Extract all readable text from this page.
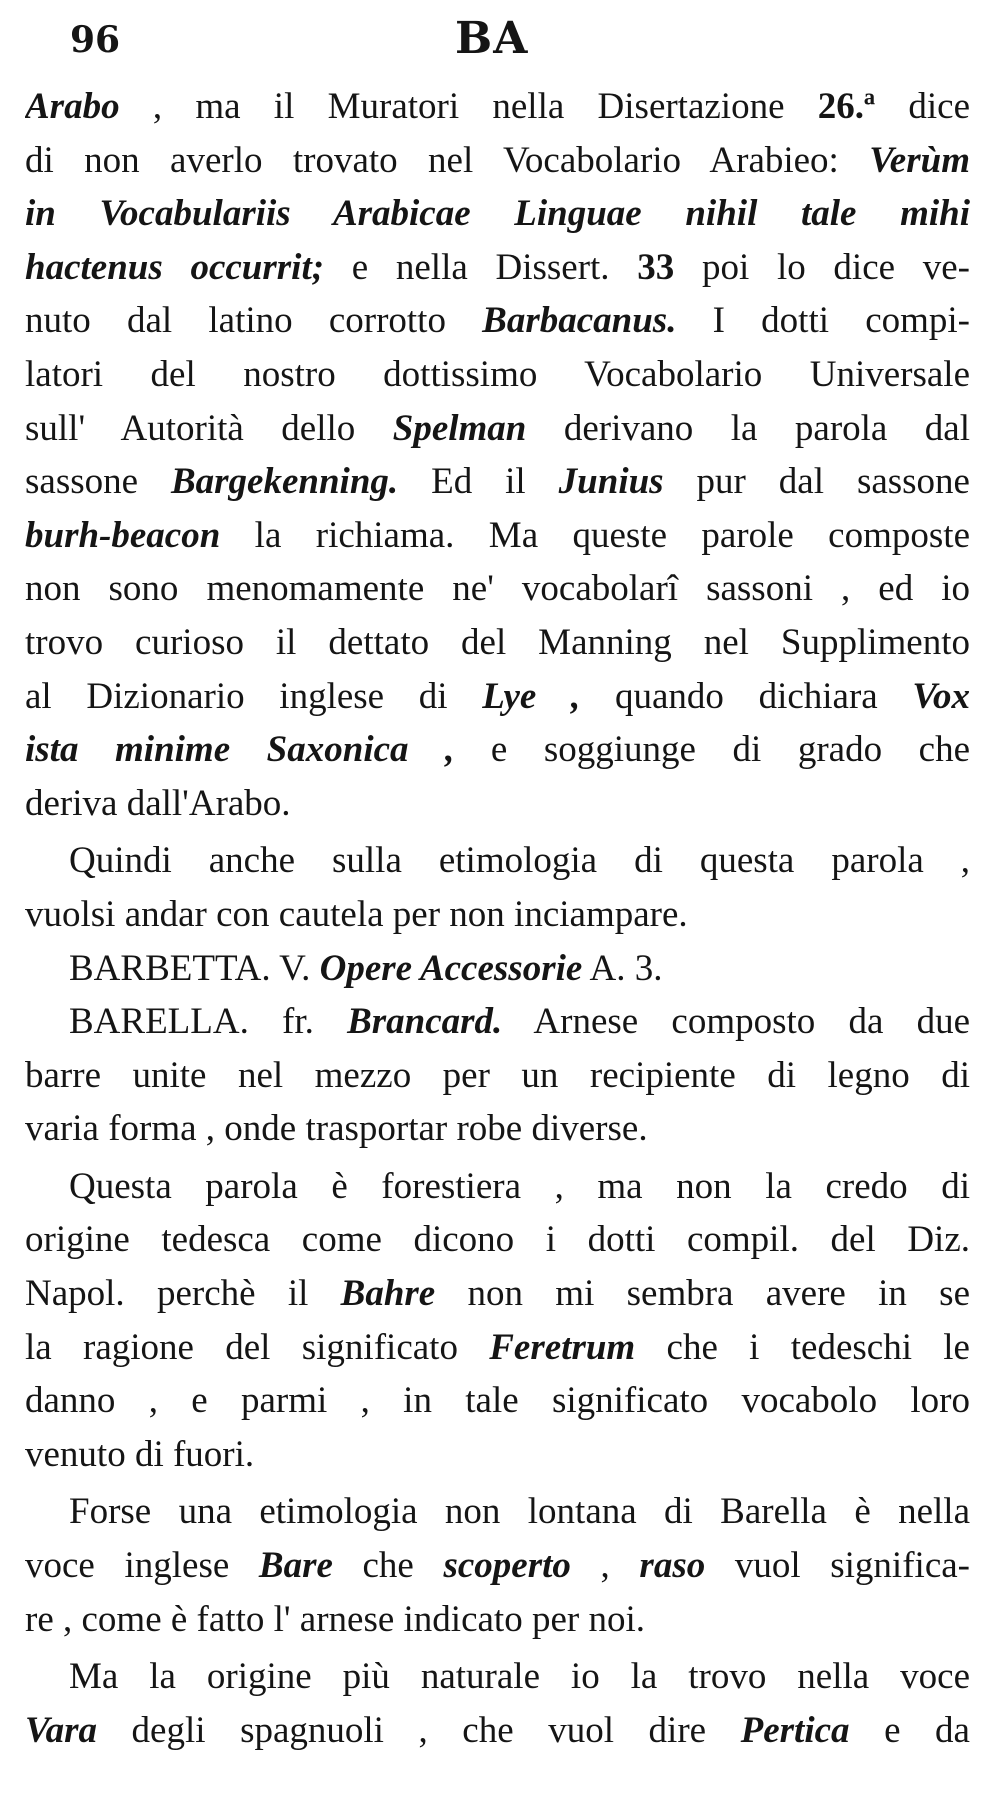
96	BA
Arabo , ma il Muratori nella Disertazione 26.ª dice
di non averlo trovato nel Vocabolario Arabieo: Verùm
in Vocabulariis Arabicae Linguae nihil tale mihi
hactenus occurrit; e nella Dissert. 33 poi lo dice ve-
nuto dal latino corrotto Barbacanus. I dotti compi-
latori del nostro dottissimo Vocabolario Universale
sull' Autorità dello Spelman derivano la parola dal
sassone Bargekenning. Ed il Junius pur dal sassone
burh-beacon la richiama. Ma queste parole composte
non sono menomamente ne' vocabolarî sassoni , ed io
trovo curioso il dettato del Manning nel Supplimento
al Dizionario inglese di Lye , quando dichiara Vox
ista minime Saxonica , e soggiunge di grado che
deriva dall'Arabo.
Quindi anche sulla etimologia di questa parola ,
vuolsi andar con cautela per non inciampare.
BARBETTA. V. Opere Accessorie A. 3.
BARELLA. fr. Brancard. Arnese composto da due
barre unite nel mezzo per un recipiente di legno di
varia forma , onde trasportar robe diverse.
Questa parola è forestiera , ma non la credo di
origine tedesca come dicono i dotti compil. del Diz.
Napol. perchè il Bahre non mi sembra avere in se
la ragione del significato Feretrum che i tedeschi le
danno , e parmi , in tale significato vocabolo loro
venuto di fuori.
Forse una etimologia non lontana di Barella è nella
voce inglese Bare che scoperto , raso vuol significa-
re , come è fatto l' arnese indicato per noi.
Ma la origine più naturale io la trovo nella voce
Vara degli spagnuoli , che vuol dire Pertica e da
